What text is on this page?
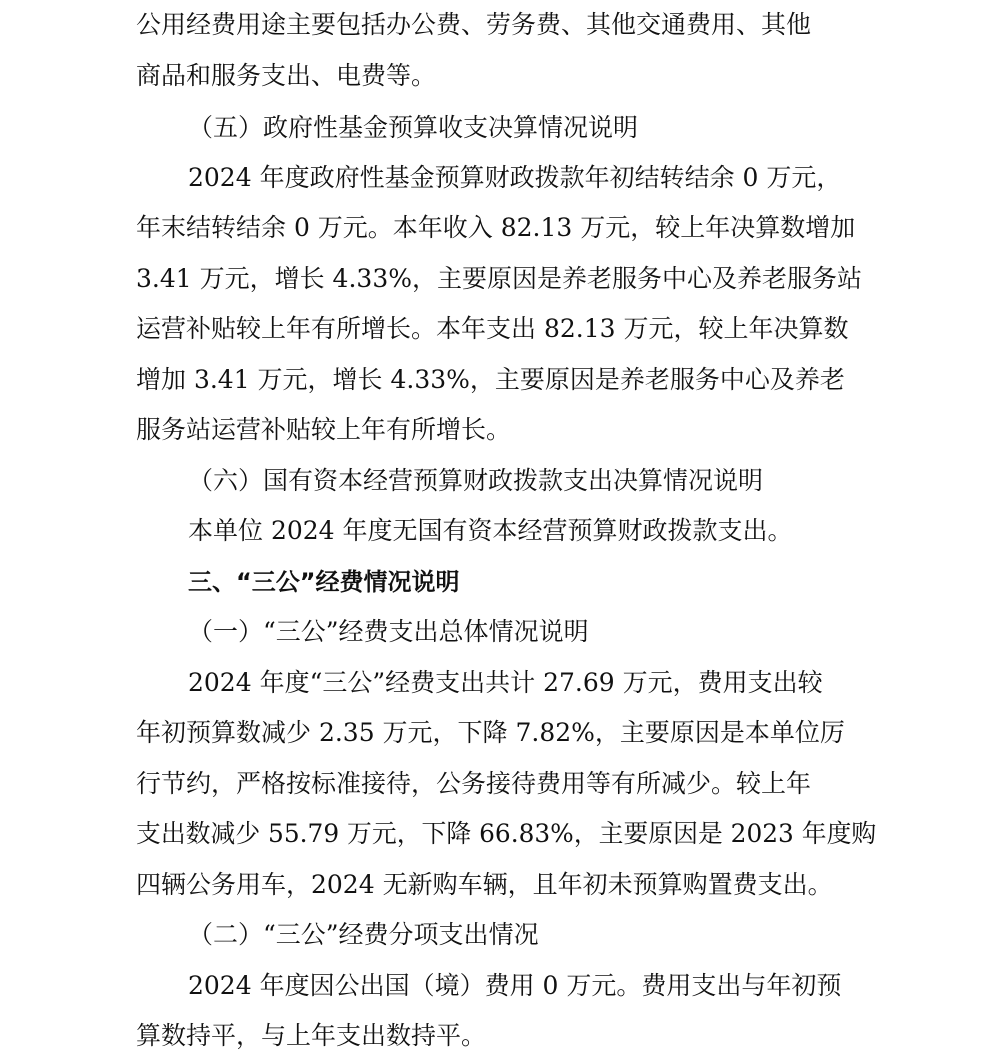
公用经费用途主要包括办公费、劳务费、其他交通费用、其他
商品和服务支出、电费等。
（五）政府性基金预算收支决算情况说明
2024 年度政府性基金预算财政拨款年初结转结余 0 万元，
年末结转结余 0 万元。本年收入 82.13 万元，较上年决算数增加
3.41 万元，增长 4.33%，主要原因是养老服务中心及养老服务站
运营补贴较上年有所增长。本年支出 82.13 万元，较上年决算数
增加 3.41 万元，增长 4.33%，主要原因是养老服务中心及养老
服务站运营补贴较上年有所增长。
（六）国有资本经营预算财政拨款支出决算情况说明
本单位 2024 年度无国有资本经营预算财政拨款支出。
三、“三公”经费情况说明
（一）“三公”经费支出总体情况说明
2024 年度“三公”经费支出共计 27.69 万元，费用支出较
年初预算数减少 2.35 万元，下降 7.82%，主要原因是本单位厉
行节约，严格按标准接待，公务接待费用等有所减少。较上年
支出数减少 55.79 万元，下降 66.83%，主要原因是 2023 年度购
四辆公务用车，2024 无新购车辆，且年初未预算购置费支出。
（二）“三公”经费分项支出情况
2024 年度因公出国（境）费用 0 万元。费用支出与年初预
算数持平，与上年支出数持平。
